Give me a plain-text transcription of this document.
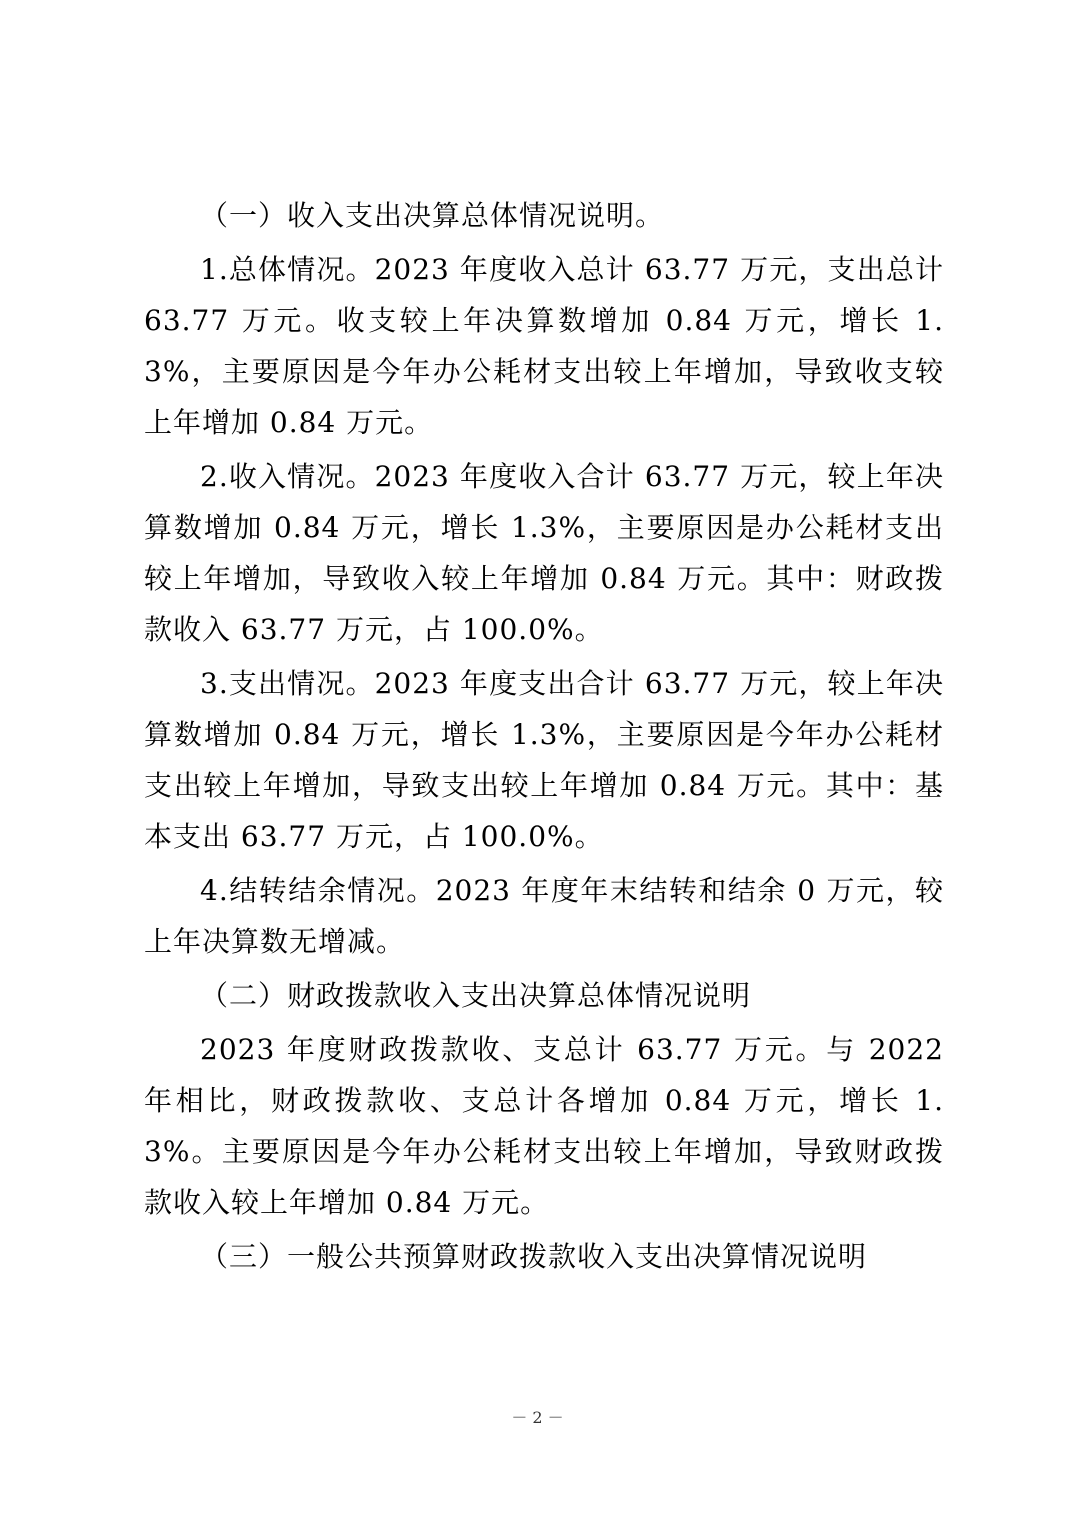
（一）收入支出决算总体情况说明。

1.总体情况。2023 年度收入总计 63.77 万元，支出总计 63.77 万元。收支较上年决算数增加 0.84 万元，增长 1.3%，主要原因是今年办公耗材支出较上年增加，导致收支较上年增加 0.84 万元。

2.收入情况。2023 年度收入合计 63.77 万元，较上年决算数增加 0.84 万元，增长 1.3%，主要原因是办公耗材支出较上年增加，导致收入较上年增加 0.84 万元。其中：财政拨款收入 63.77 万元，占 100.0%。

3.支出情况。2023 年度支出合计 63.77 万元，较上年决算数增加 0.84 万元，增长 1.3%，主要原因是今年办公耗材支出较上年增加，导致支出较上年增加 0.84 万元。其中：基本支出 63.77 万元，占 100.0%。

4.结转结余情况。2023 年度年末结转和结余 0 万元，较上年决算数无增减。

（二）财政拨款收入支出决算总体情况说明

2023 年度财政拨款收、支总计 63.77 万元。与 2022 年相比，财政拨款收、支总计各增加 0.84 万元，增长 1.3%。主要原因是今年办公耗材支出较上年增加，导致财政拨款收入较上年增加 0.84 万元。

（三）一般公共预算财政拨款收入支出决算情况说明

－ 2 －
